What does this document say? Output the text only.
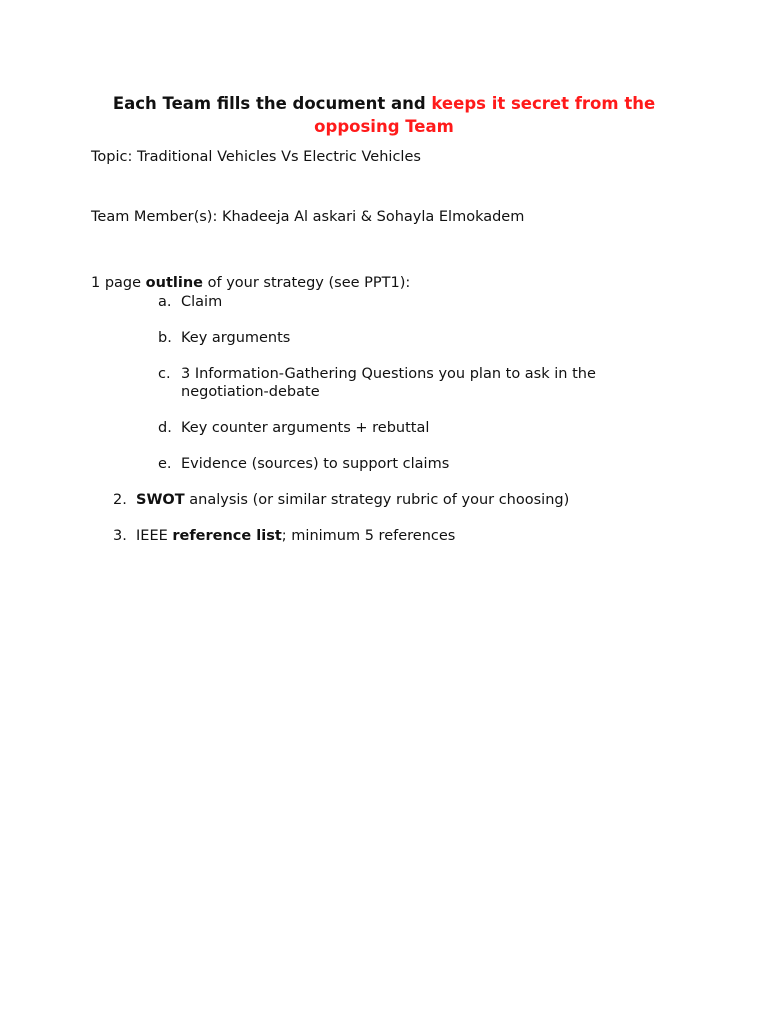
Each Team fills the document and keeps it secret from the opposing Team
Topic: Traditional Vehicles Vs Electric Vehicles
Team Member(s): Khadeeja Al askari & Sohayla Elmokadem
1 page outline of your strategy (see PPT1):
a. Claim
b. Key arguments
c. 3 Information-Gathering Questions you plan to ask in the negotiation-debate
d. Key counter arguments + rebuttal
e. Evidence (sources) to support claims
2. SWOT analysis (or similar strategy rubric of your choosing)
3. IEEE reference list; minimum 5 references
